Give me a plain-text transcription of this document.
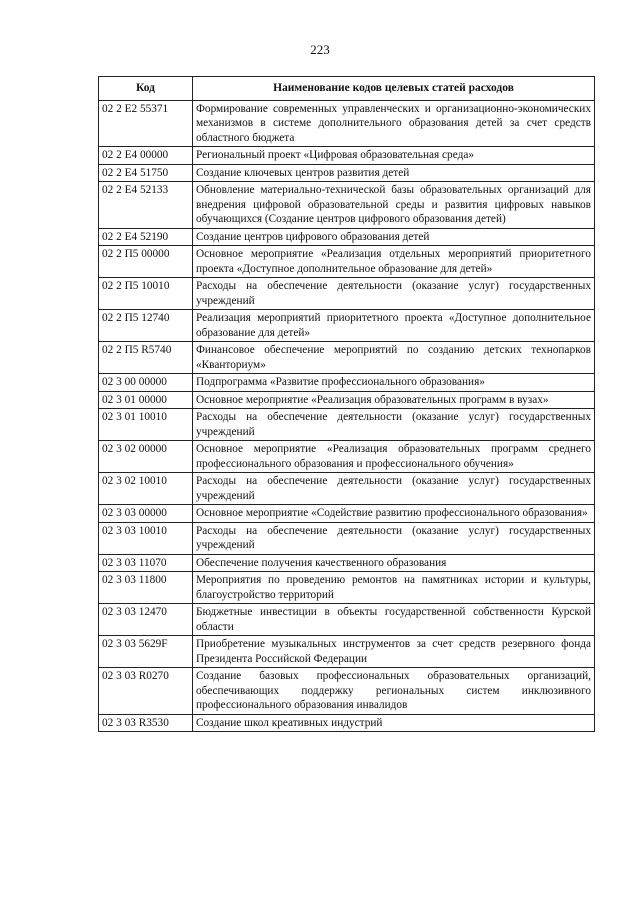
223
Код	Наименование кодов целевых статей расходов
02 2 E2 55371	Формирование современных управленческих и организационно-экономических механизмов в системе дополнительного образования детей за счет средств областного бюджета
02 2 E4 00000	Региональный проект «Цифровая образовательная среда»
02 2 E4 51750	Создание ключевых центров развития детей
02 2 E4 52133	Обновление материально-технической базы образовательных организаций для внедрения цифровой образовательной среды и развития цифровых навыков обучающихся (Создание центров цифрового образования детей)
02 2 E4 52190	Создание центров цифрового образования детей
02 2 П5 00000	Основное мероприятие «Реализация отдельных мероприятий приоритетного проекта «Доступное дополнительное образование для детей»
02 2 П5 10010	Расходы на обеспечение деятельности (оказание услуг) государственных учреждений
02 2 П5 12740	Реализация мероприятий приоритетного проекта «Доступное дополнительное образование для детей»
02 2 П5 R5740	Финансовое обеспечение мероприятий по созданию детских технопарков «Кванториум»
02 3 00 00000	Подпрограмма «Развитие профессионального образования»
02 3 01 00000	Основное мероприятие «Реализация образовательных программ в вузах»
02 3 01 10010	Расходы на обеспечение деятельности (оказание услуг) государственных учреждений
02 3 02 00000	Основное мероприятие «Реализация образовательных программ среднего профессионального образования и профессионального обучения»
02 3 02 10010	Расходы на обеспечение деятельности (оказание услуг) государственных учреждений
02 3 03 00000	Основное мероприятие «Содействие развитию профессионального образования»
02 3 03 10010	Расходы на обеспечение деятельности (оказание услуг) государственных учреждений
02 3 03 11070	Обеспечение получения качественного образования
02 3 03 11800	Мероприятия по проведению ремонтов на памятниках истории и культуры, благоустройство территорий
02 3 03 12470	Бюджетные инвестиции в объекты государственной собственности Курской области
02 3 03 5629F	Приобретение музыкальных инструментов за счет средств резервного фонда Президента Российской Федерации
02 3 03 R0270	Создание базовых профессиональных образовательных организаций, обеспечивающих поддержку региональных систем инклюзивного профессионального образования инвалидов
02 3 03 R3530	Создание школ креативных индустрий
